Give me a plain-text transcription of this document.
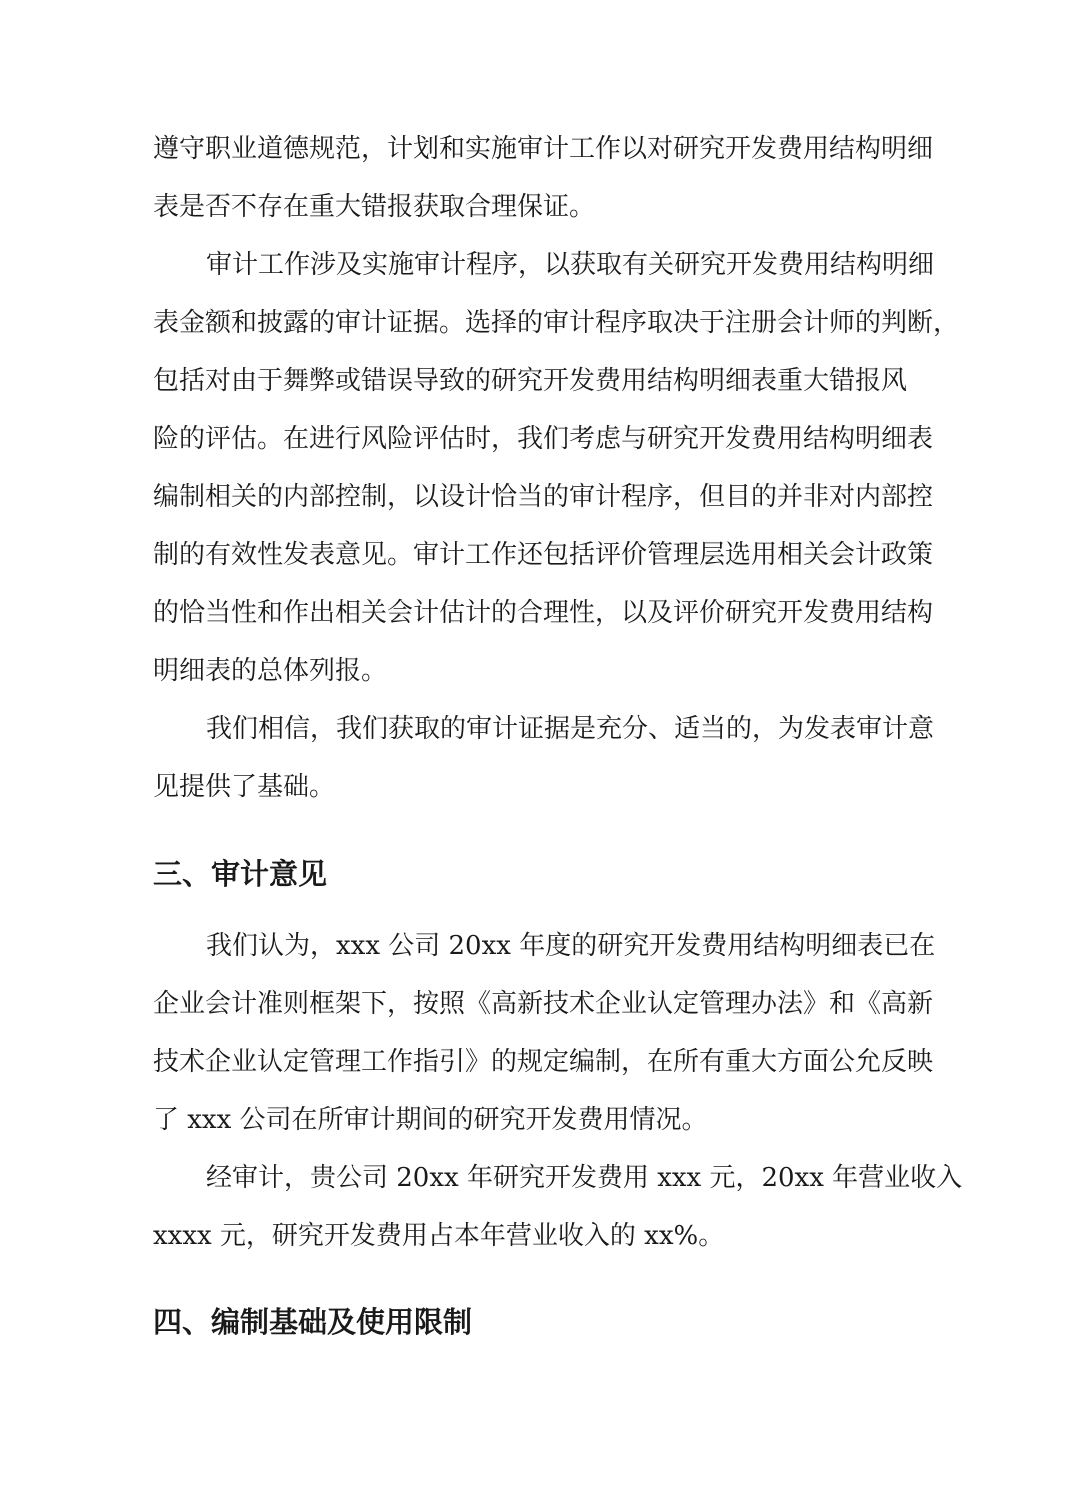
遵守职业道德规范，计划和实施审计工作以对研究开发费用结构明细
表是否不存在重大错报获取合理保证。
审计工作涉及实施审计程序，以获取有关研究开发费用结构明细
表金额和披露的审计证据。选择的审计程序取决于注册会计师的判断，
包括对由于舞弊或错误导致的研究开发费用结构明细表重大错报风
险的评估。在进行风险评估时，我们考虑与研究开发费用结构明细表
编制相关的内部控制，以设计恰当的审计程序，但目的并非对内部控
制的有效性发表意见。审计工作还包括评价管理层选用相关会计政策
的恰当性和作出相关会计估计的合理性，以及评价研究开发费用结构
明细表的总体列报。
我们相信，我们获取的审计证据是充分、适当的，为发表审计意
见提供了基础。
三、审计意见
我们认为，xxx 公司 20xx 年度的研究开发费用结构明细表已在
企业会计准则框架下，按照《高新技术企业认定管理办法》和《高新
技术企业认定管理工作指引》的规定编制，在所有重大方面公允反映
了 xxx 公司在所审计期间的研究开发费用情况。
经审计，贵公司 20xx 年研究开发费用 xxx 元，20xx 年营业收入
xxxx 元，研究开发费用占本年营业收入的 xx%。
四、编制基础及使用限制
